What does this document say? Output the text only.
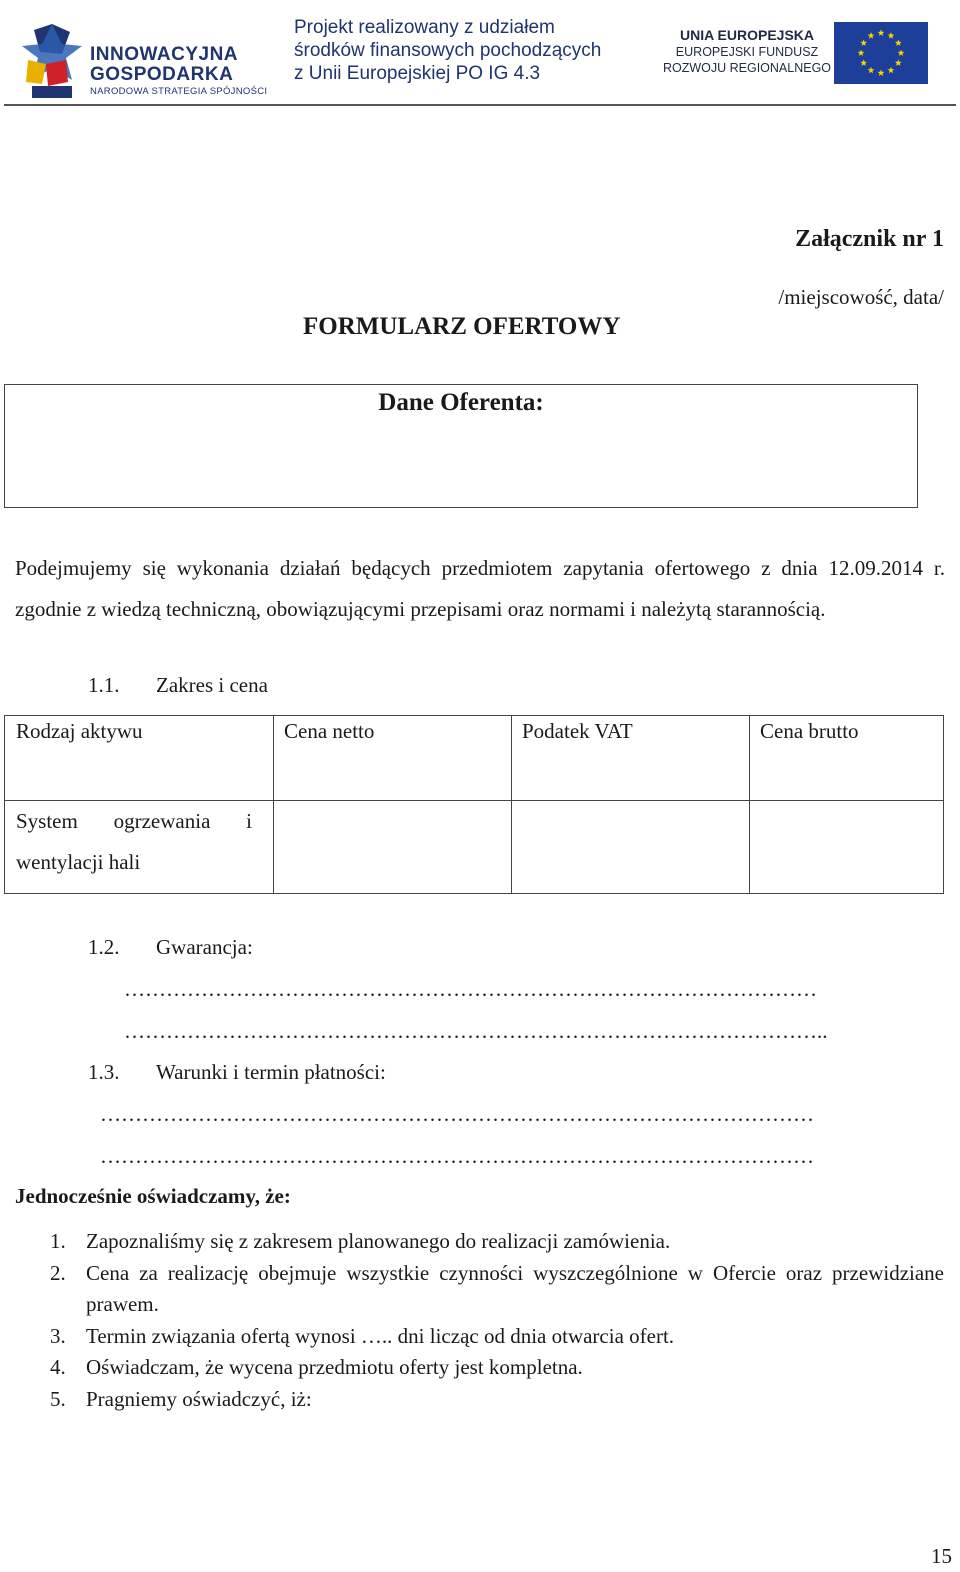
INNOWACYJNA
GOSPODARKA
NARODOWA STRATEGIA SPÓJNOŚCI
Projekt realizowany z udziałem
środków finansowych pochodzących
z Unii Europejskiej PO IG 4.3
UNIA EUROPEJSKA
EUROPEJSKI FUNDUSZ
ROZWOJU REGIONALNEGO
Załącznik nr 1
/miejscowość, data/
FORMULARZ OFERTOWY
Dane Oferenta:
Podejmujemy się wykonania działań będących przedmiotem zapytania ofertowego z dnia 12.09.2014 r. zgodnie z wiedzą techniczną, obowiązującymi przepisami oraz normami i należytą starannością.
1.1. Zakres i cena
Rodzaj aktywu	Cena netto	Podatek VAT	Cena brutto

System ogrzewania i
wentylacji hali			

1.2. Gwarancja:
………………………………………………………………………………………
………………………………………………………………………………………..
1.3. Warunki i termin płatności:
…………………………………………………………………………………………
…………………………………………………………………………………………
Jednocześnie oświadczamy, że:
1. Zapoznaliśmy się z zakresem planowanego do realizacji zamówienia.
2. Cena za realizację obejmuje wszystkie czynności wyszczególnione w Ofercie oraz przewidziane prawem.
3. Termin związania ofertą wynosi ….. dni licząc od dnia otwarcia ofert.
4. Oświadczam, że wycena przedmiotu oferty jest kompletna.
5. Pragniemy oświadczyć, iż:
15
